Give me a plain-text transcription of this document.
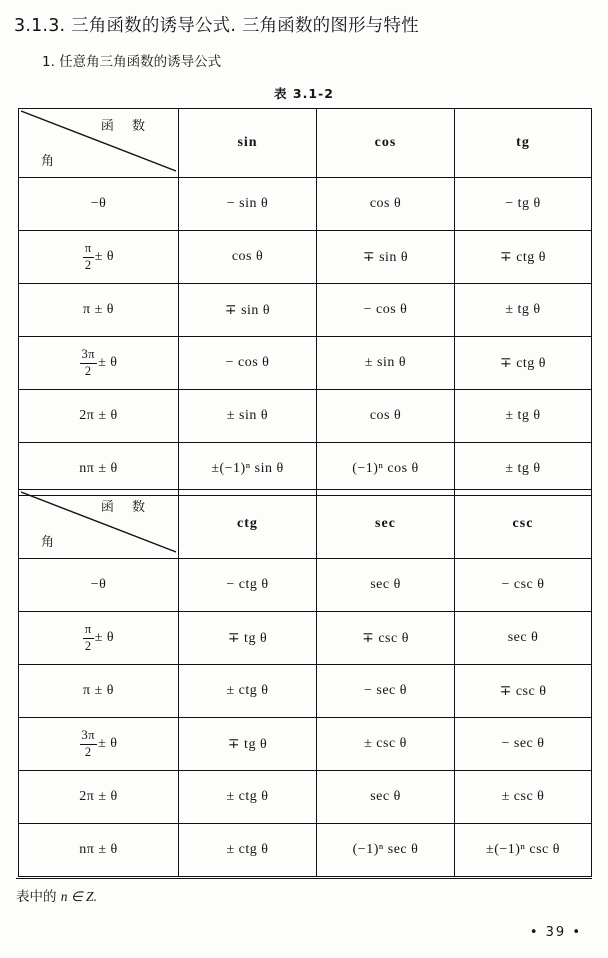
3.1.3. 三角函数的诱导公式. 三角函数的图形与特性
1. 任意角三角函数的诱导公式
表 3.1-2
函 数
角	sin	cos	tg
−θ	− sin θ	cos θ	− tg θ

$\frac{\pi}{2} \pm \theta$	cos θ	∓ sin θ	∓ ctg θ
π ± θ	∓ sin θ	− cos θ	± tg θ

$\frac{3\pi}{2} \pm \theta$	− cos θ	± sin θ	∓ ctg θ
2π ± θ	± sin θ	cos θ	± tg θ
nπ ± θ	±(−1)ⁿ sin θ	(−1)ⁿ cos θ	± tg θ
函 数
角	ctg	sec	csc
−θ	− ctg θ	sec θ	− csc θ

$\frac{\pi}{2} \pm \theta$	∓ tg θ	∓ csc θ	sec θ
π ± θ	± ctg θ	− sec θ	∓ csc θ

$\frac{3\pi}{2} \pm \theta$	∓ tg θ	± csc θ	− sec θ
2π ± θ	± ctg θ	sec θ	± csc θ
nπ ± θ	± ctg θ	(−1)ⁿ sec θ	±(−1)ⁿ csc θ
表中的 n ∈ Z.
• 39 •
